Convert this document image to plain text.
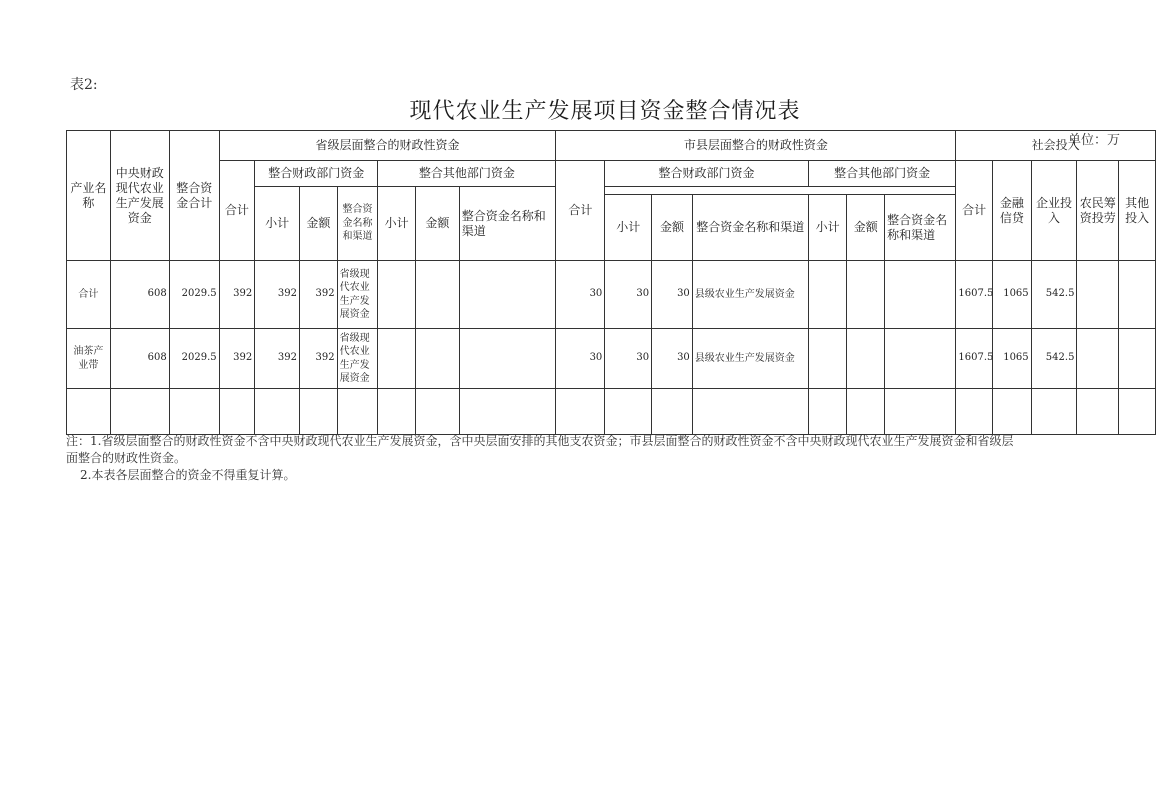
表2:
现代农业生产发展项目资金整合情况表
单位：万
产业名称	中央财政现代农业生产发展资金	整合资金合计	省级层面整合的财政性资金							市县层面整合的财政性资金							社会投入				
			合计	整合财政部门资金			整合其他部门资金			合计	整合财政部门资金			整合其他部门资金			合计	金融信贷	企业投入	农民筹资投劳	其他投入
				小计	金额	整合资金名称和渠道	小计	金额	整合资金名称和渠道												
											小计	金额	整合资金名称和渠道	小计	金额	整合资金名称和渠道					
合计	608	2029.5	392	392	392	省级现代农业生产发展资金				30	30	30	县级农业生产发展资金				1607.5	1065	542.5		
油茶产业带	608	2029.5	392	392	392	省级现代农业生产发展资金				30	30	30	县级农业生产发展资金				1607.5	1065	542.5		

注：1.省级层面整合的财政性资金不含中央财政现代农业生产发展资金，含中央层面安排的其他支农资金；市县层面整合的财政性资金不含中央财政现代农业生产发展资金和省级层
面整合的财政性资金。
2.本表各层面整合的资金不得重复计算。
